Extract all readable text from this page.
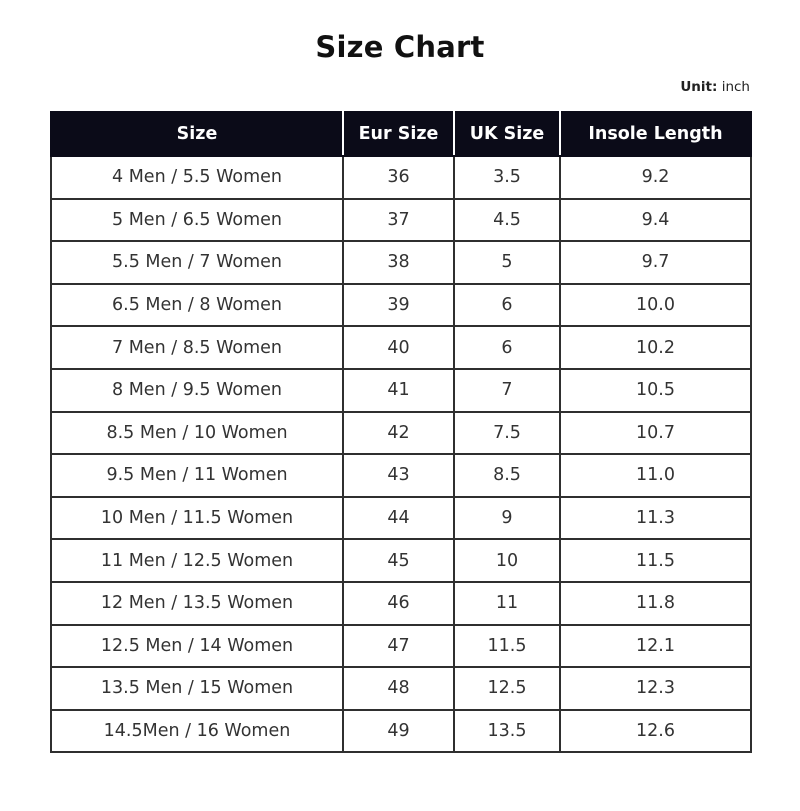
Size Chart
Unit: inch
Size	Eur Size	UK Size	Insole Length
4 Men / 5.5 Women	36	3.5	9.2
5 Men / 6.5 Women	37	4.5	9.4
5.5 Men / 7 Women	38	5	9.7
6.5 Men / 8 Women	39	6	10.0
7 Men / 8.5 Women	40	6	10.2
8 Men / 9.5 Women	41	7	10.5
8.5 Men / 10 Women	42	7.5	10.7
9.5 Men / 11 Women	43	8.5	11.0
10 Men / 11.5 Women	44	9	11.3
11 Men / 12.5 Women	45	10	11.5
12 Men / 13.5 Women	46	11	11.8
12.5 Men / 14 Women	47	11.5	12.1
13.5 Men / 15 Women	48	12.5	12.3
14.5Men / 16 Women	49	13.5	12.6
